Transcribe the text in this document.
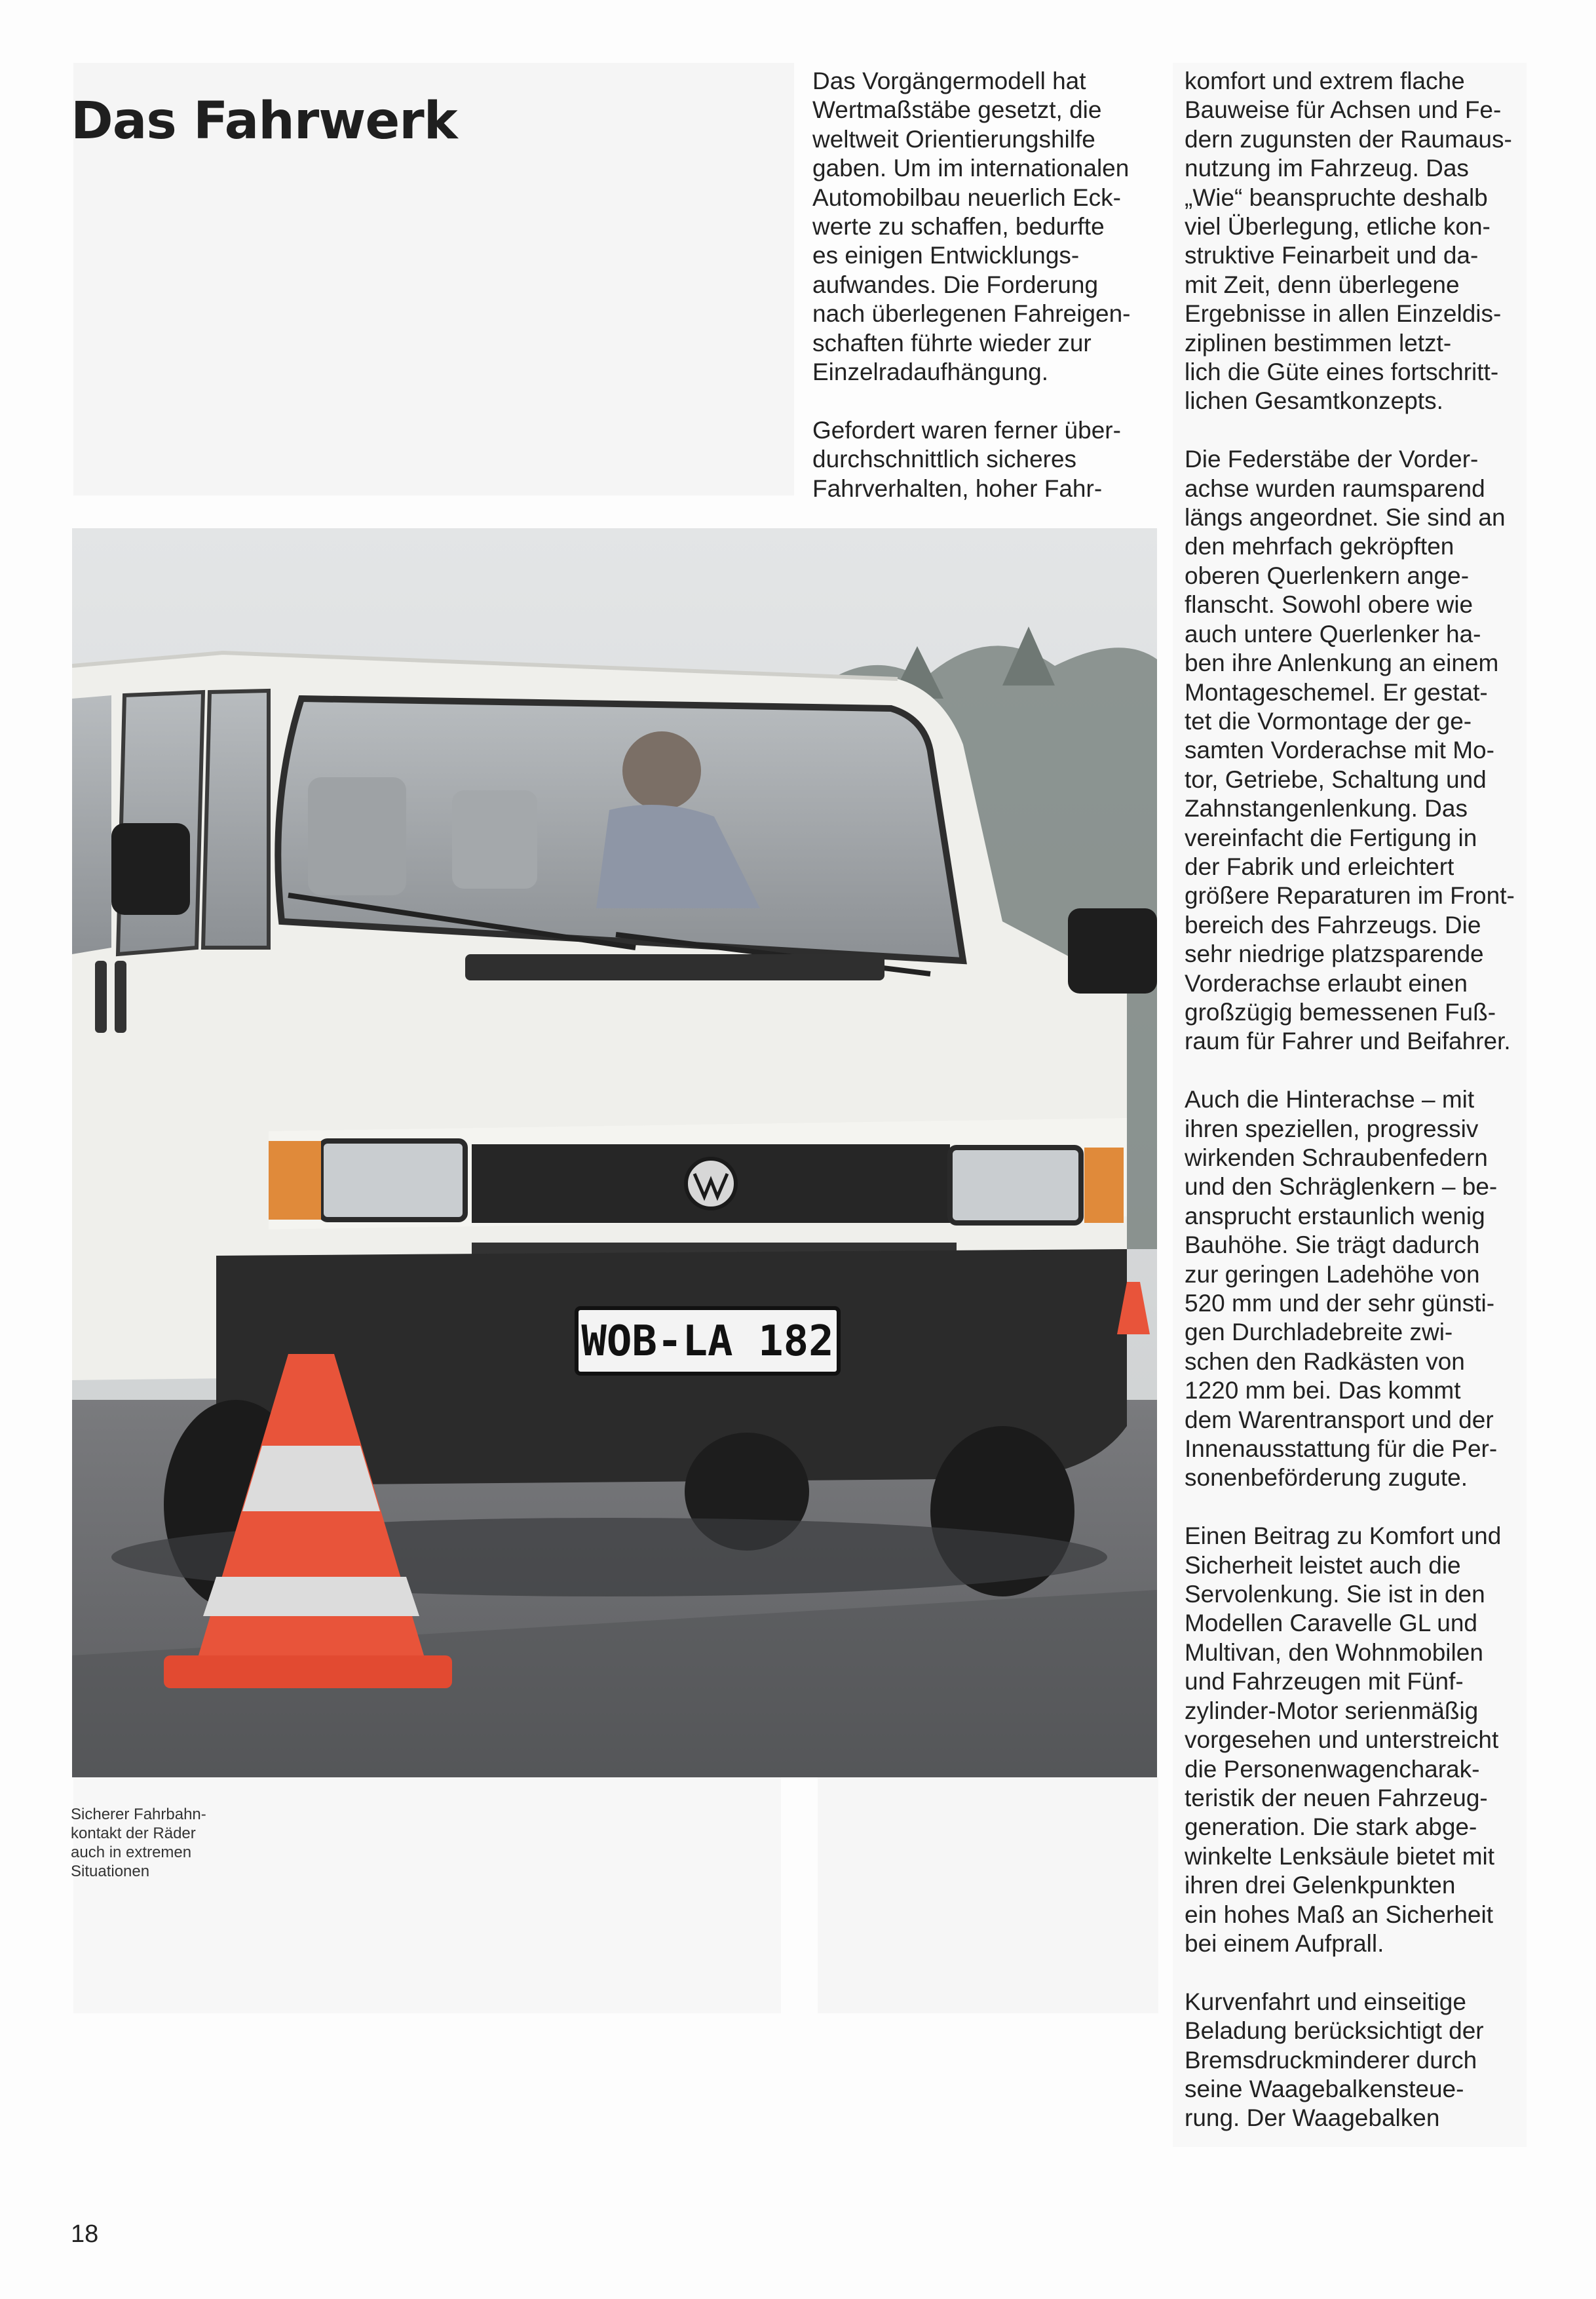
Das Fahrwerk

Das Vorgängermodell hat
Wertmaßstäbe gesetzt, die
weltweit Orientierungshilfe
gaben. Um im internationalen
Automobilbau neuerlich Eck-
werte zu schaffen, bedurfte
es einigen Entwicklungs-
aufwandes. Die Forderung
nach überlegenen Fahreigen-
schaften führte wieder zur
Einzelradaufhängung.

Gefordert waren ferner über-
durchschnittlich sicheres
Fahrverhalten, hoher Fahr-

komfort und extrem flache
Bauweise für Achsen und Fe-
dern zugunsten der Raumaus-
nutzung im Fahrzeug. Das
„Wie“ beanspruchte deshalb
viel Überlegung, etliche kon-
struktive Feinarbeit und da-
mit Zeit, denn überlegene
Ergebnisse in allen Einzeldis-
ziplinen bestimmen letzt-
lich die Güte eines fortschritt-
lichen Gesamtkonzepts.

Die Federstäbe der Vorder-
achse wurden raumsparend
längs angeordnet. Sie sind an
den mehrfach gekröpften
oberen Querlenkern ange-
flanscht. Sowohl obere wie
auch untere Querlenker ha-
ben ihre Anlenkung an einem
Montageschemel. Er gestat-
tet die Vormontage der ge-
samten Vorderachse mit Mo-
tor, Getriebe, Schaltung und
Zahnstangenlenkung. Das
vereinfacht die Fertigung in
der Fabrik und erleichtert
größere Reparaturen im Front-
bereich des Fahrzeugs. Die
sehr niedrige platzsparende
Vorderachse erlaubt einen
großzügig bemessenen Fuß-
raum für Fahrer und Beifahrer.

Auch die Hinterachse – mit
ihren speziellen, progressiv
wirkenden Schraubenfedern
und den Schräglenkern – be-
ansprucht erstaunlich wenig
Bauhöhe. Sie trägt dadurch
zur geringen Ladehöhe von
520 mm und der sehr günsti-
gen Durchladebreite zwi-
schen den Radkästen von
1220 mm bei. Das kommt
dem Warentransport und der
Innenausstattung für die Per-
sonenbeförderung zugute.

Einen Beitrag zu Komfort und
Sicherheit leistet auch die
Servolenkung. Sie ist in den
Modellen Caravelle GL und
Multivan, den Wohnmobilen
und Fahrzeugen mit Fünf-
zylinder-Motor serienmäßig
vorgesehen und unterstreicht
die Personenwagencharak-
teristik der neuen Fahrzeug-
generation. Die stark abge-
winkelte Lenksäule bietet mit
ihren drei Gelenkpunkten
ein hohes Maß an Sicherheit
bei einem Aufprall.

Kurvenfahrt und einseitige
Beladung berücksichtigt der
Bremsdruckminderer durch
seine Waagebalkensteue-
rung. Der Waagebalken

WOB-LA 182
Sicherer Fahrbahn-
kontakt der Räder
auch in extremen
Situationen
18
